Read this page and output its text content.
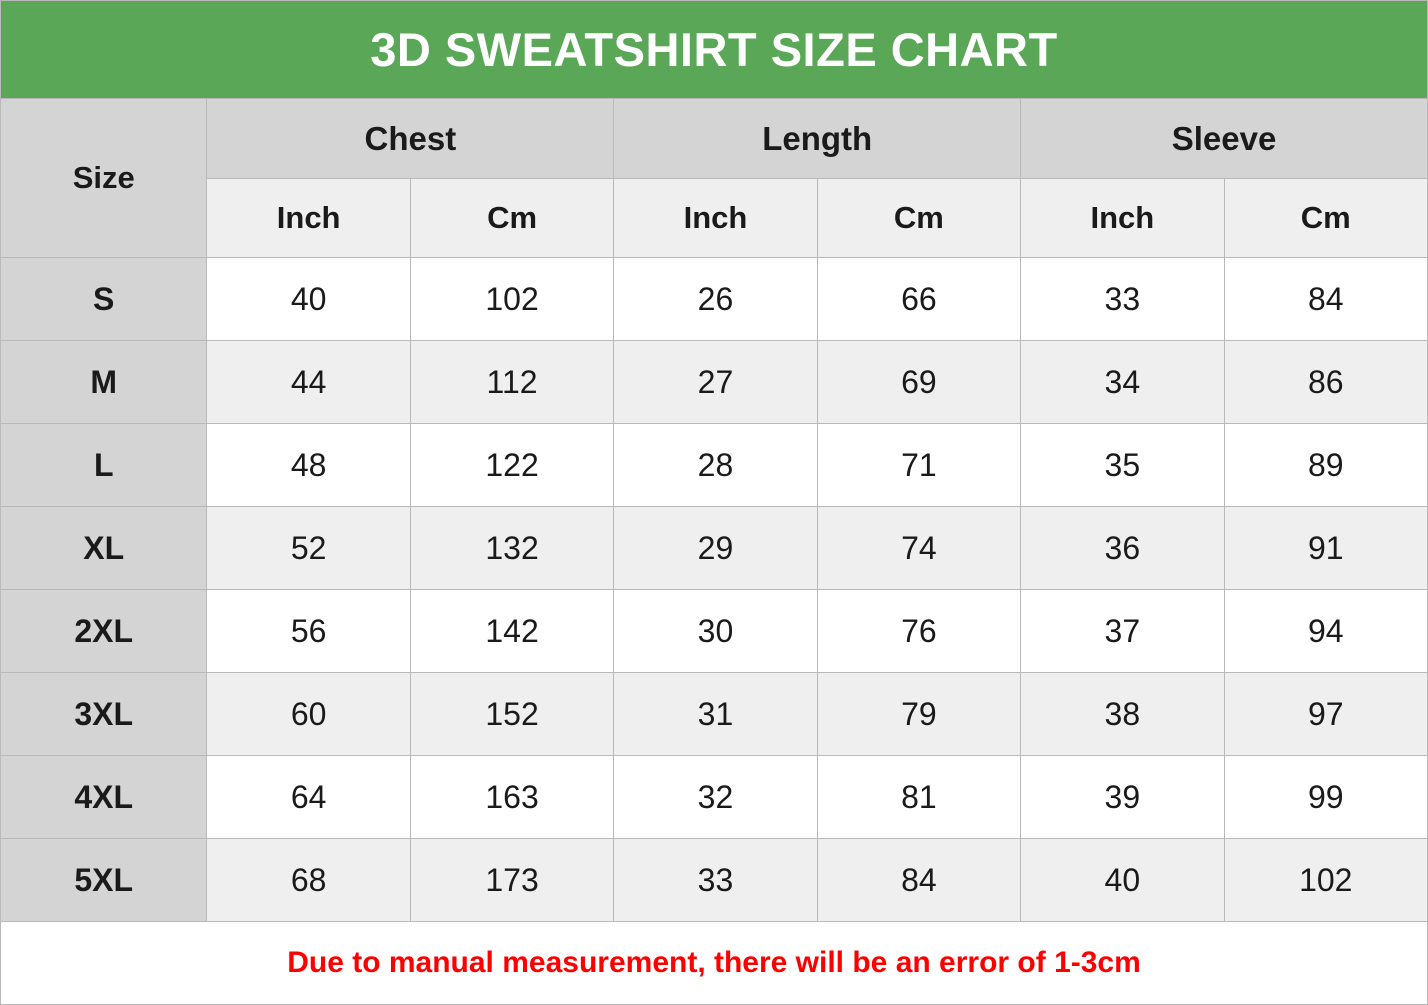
3D SWEATSHIRT SIZE CHART						
Size	Chest		Length		Sleeve	
	Inch	Cm	Inch	Cm	Inch	Cm
S	40	102	26	66	33	84
M	44	112	27	69	34	86
L	48	122	28	71	35	89
XL	52	132	29	74	36	91
2XL	56	142	30	76	37	94
3XL	60	152	31	79	38	97
4XL	64	163	32	81	39	99
5XL	68	173	33	84	40	102
Due to manual measurement, there will be an error of 1-3cm						
